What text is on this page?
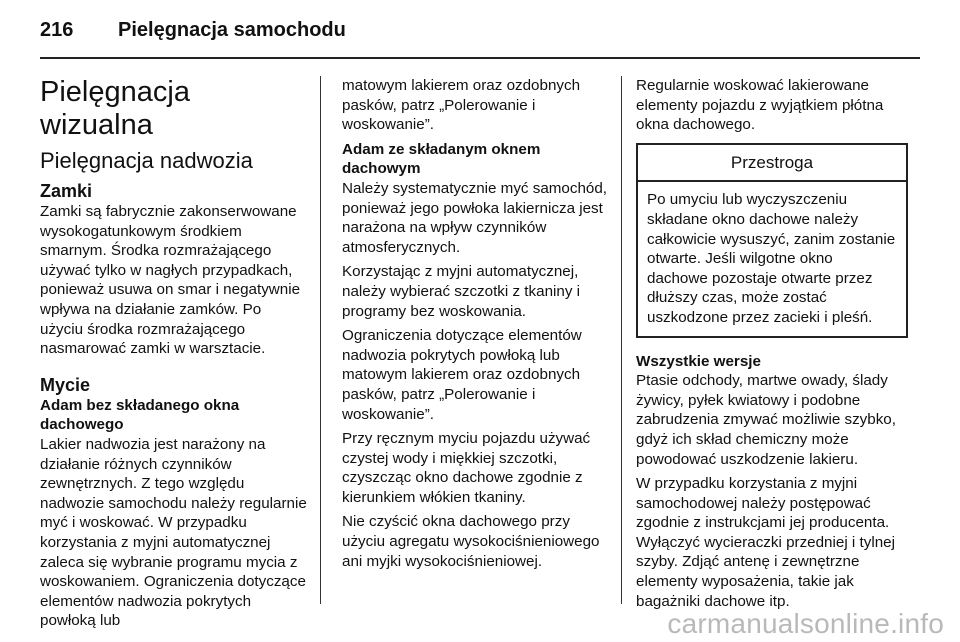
216	Pielęgnacja samochodu
Pielęgnacja wizualna
Pielęgnacja nadwozia
Zamki

Zamki są fabrycznie zakonserwowane wysokogatunkowym środkiem smarnym. Środka rozmrażającego używać tylko w nagłych przypadkach, ponieważ usuwa on smar i negatywnie wpływa na działanie zamków. Po użyciu środka rozmrażającego nasmarować zamki w warsztacie.

Mycie
Adam bez składanego okna dachowego

Lakier nadwozia jest narażony na działanie różnych czynników zewnętrznych. Z tego względu nadwozie samochodu należy regularnie myć i woskować. W przypadku korzystania z myjni automatycznej zaleca się wybranie programu mycia z woskowaniem. Ograniczenia dotyczące elementów nadwozia pokrytych powłoką lub

matowym lakierem oraz ozdobnych pasków, patrz „Polerowanie i woskowanie”.

Adam ze składanym oknem dachowym

Należy systematycznie myć samochód, ponieważ jego powłoka lakiernicza jest narażona na wpływ czynników atmosferycznych.

Korzystając z myjni automatycznej, należy wybierać szczotki z tkaniny i programy bez woskowania.

Ograniczenia dotyczące elementów nadwozia pokrytych powłoką lub matowym lakierem oraz ozdobnych pasków, patrz „Polerowanie i woskowanie”.

Przy ręcznym myciu pojazdu używać czystej wody i miękkiej szczotki, czyszcząc okno dachowe zgodnie z kierunkiem włókien tkaniny.

Nie czyścić okna dachowego przy użyciu agregatu wysokociśnieniowego ani myjki wysokociśnieniowej.

Regularnie woskować lakierowane elementy pojazdu z wyjątkiem płótna okna dachowego.

Przestroga
Po umyciu lub wyczyszczeniu składane okno dachowe należy całkowicie wysuszyć, zanim zostanie otwarte. Jeśli wilgotne okno dachowe pozostaje otwarte przez dłuższy czas, może zostać uszkodzone przez zacieki i pleśń.
Wszystkie wersje

Ptasie odchody, martwe owady, ślady żywicy, pyłek kwiatowy i podobne zabrudzenia zmywać możliwie szybko, gdyż ich skład chemiczny może powodować uszkodzenie lakieru.

W przypadku korzystania z myjni samochodowej należy postępować zgodnie z instrukcjami jej producenta. Wyłączyć wycieraczki przedniej i tylnej szyby. Zdjąć antenę i zewnętrzne elementy wyposażenia, takie jak bagażniki dachowe itp.

carmanualsonline.info
